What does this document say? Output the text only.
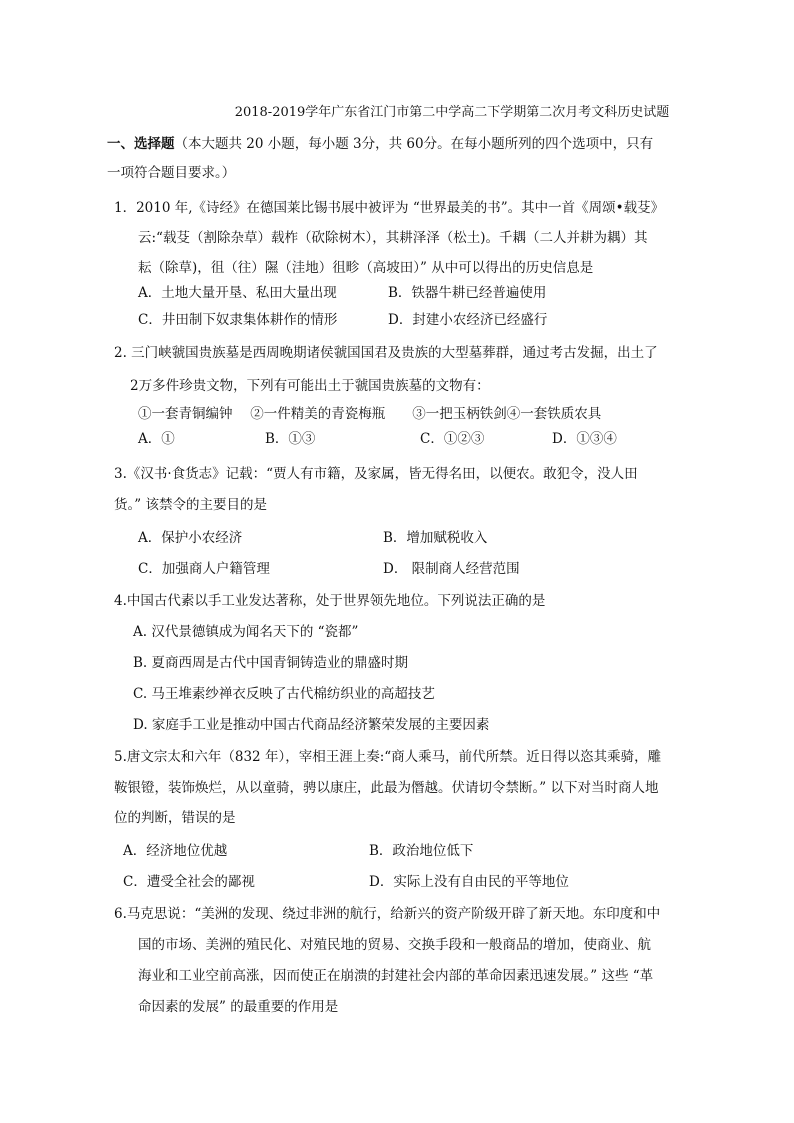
2018-2019学年广东省江门市第二中学高二下学期第二次月考文科历史试题
一、选择题（本大题共 20 小题，每小题 3分，共 60分。在每小题所列的四个选项中，只有
一项符合题目要求。）
1．2010 年,《诗经》在德国莱比锡书展中被评为 “世界最美的书”。其中一首《周颂•载芟》
云:“载芟（割除杂草）载柞（砍除树木），其耕泽泽（松土)。千耦（二人并耕为耦）其
耘（除草)，徂（往）隰（洼地）徂畛（高坡田）” 从中可以得出的历史信息是
A．土地大量开垦、私田大量出现	B．铁器牛耕已经普遍使用
C．井田制下奴隶集体耕作的情形	D．封建小农经济已经盛行
2. 三门峡虢国贵族墓是西周晚期诸侯虢国国君及贵族的大型墓葬群，通过考古发掘，出土了
2万多件珍贵文物，下列有可能出土于虢国贵族墓的文物有：
①一套青铜编钟　 ②一件精美的青瓷梅瓶　　③一把玉柄铁剑④一套铁质农具
A．①	B．①③	C．①②③	D．①③④
3.《汉书·食货志》记载：“贾人有市籍，及家属，皆无得名田，以便农。敢犯令，没人田
货。” 该禁令的主要目的是
A．保护小农经济	B．增加赋税收入
C．加强商人户籍管理	D． 限制商人经营范围
4.中国古代素以手工业发达著称，处于世界领先地位。下列说法正确的是
A. 汉代景德镇成为闻名天下的 “瓷都”
B. 夏商西周是古代中国青铜铸造业的鼎盛时期
C. 马王堆素纱禅衣反映了古代棉纺织业的高超技艺
D. 家庭手工业是推动中国古代商品经济繁荣发展的主要因素
5.唐文宗太和六年（832 年），宰相王涯上奏:“商人乘马，前代所禁。近日得以恣其乘骑，雕
鞍银镫，装饰焕烂，从以童骑，骋以康庄，此最为僭越。伏请切令禁断。” 以下对当时商人地
位的判断，错误的是
A．经济地位优越	B．政治地位低下
C．遭受全社会的鄙视	D．实际上没有自由民的平等地位
6.马克思说：“美洲的发现、绕过非洲的航行，给新兴的资产阶级开辟了新天地。东印度和中
国的市场、美洲的殖民化、对殖民地的贸易、交换手段和一般商品的增加，使商业、航
海业和工业空前高涨，因而使正在崩溃的封建社会内部的革命因素迅速发展。” 这些 “革
命因素的发展” 的最重要的作用是
